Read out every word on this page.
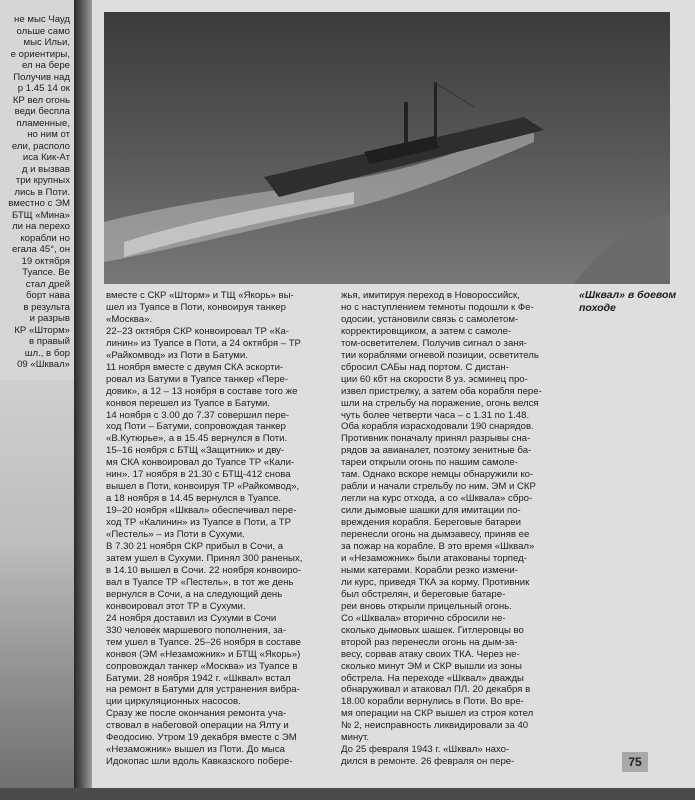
не мыс Чауд
ольше само
мыс Ильи,
е ориентиры,
ел на бере
Получив над
р 1.45 14 ок
КР вел огонь
веди бесплa
пламенные,
но ним от
ели, располо
иса Кик-Ат
д и вызвав
три крупных
лись в Поти.
вместно с ЭМ
БТЩ «Мина»
ли на перехо
корабли но
егала 45°, он
19 октября
Туапсе. Ве
стал дрей
борт нава
в результа
и разрыв
КР «Шторм»
в правый
шл., в бор
09 «Шквал»
«Шквал» в боевом походе
вместе с СКР «Шторм» и ТЩ «Якорь» вы-
шел из Туапсе в Поти, конвоируя танкер
«Москва».
22–23 октября СКР конвоировал ТР «Ка-
линин» из Туапсе в Поти, а 24 октября – ТР
«Райкомвод» из Поти в Батуми.
11 ноября вместе с двумя СКА эскорти-
ровал из Батуми в Туапсе танкер «Пере-
довик», а 12 – 13 ноября в составе того же
конвоя перешел из Туапсе в Батуми.
14 ноября с 3.00 до 7.37 совершил пере-
ход Поти – Батуми, сопровождая танкер
«В.Кутюрье», а в 15.45 вернулся в Поти.
15–16 ноября с БТЩ «Защитник» и дву-
мя СКА конвоировал до Туапсе ТР «Кали-
нин». 17 ноября в 21.30 с БТЩ-412 снова
вышел в Поти, конвоируя ТР «Райкомвод»,
а 18 ноября в 14.45 вернулся в Туапсе.
19–20 ноября «Шквал» обеспечивал пере-
ход ТР «Калинин» из Туапсе в Поти, а ТР
«Пестель» – из Поти в Сухуми.
В 7.30 21 ноября СКР прибыл в Сочи, а
затем ушел в Сухуми. Принял 300 раненых,
в 14.10 вышел в Сочи. 22 ноября конвоиро-
вал в Туапсе ТР «Пестель», в тот же день
вернулся в Сочи, а на следующий день
конвоировал этот ТР в Сухуми.
24 ноября доставил из Сухуми в Сочи
330 человек маршевого пополнения, за-
тем ушел в Туапсе. 25–26 ноября в составе
конвоя (ЭМ «Незаможник» и БТЩ «Якорь»)
сопровождал танкер «Москва» из Туапсе в
Батуми. 28 ноября 1942 г. «Шквал» встал
на ремонт в Батуми для устранения вибра-
ции циркуляционных насосов.
Сразу же после окончания ремонта уча-
ствовал в набеговой операции на Ялту и
Феодосию. Утром 19 декабря вместе с ЭМ
«Незаможник» вышел из Поти. До мыса
Идокопас шли вдоль Кавказского побере-
жья, имитируя переход в Новороссийск,
но с наступлением темноты подошли к Фе-
одосии, установили связь с самолетом-
корректировщиком, а затем с самоле-
том-осветителем. Получив сигнал о заня-
тии кораблями огневой позиции, осветитель
сбросил САБы над портом. С дистан-
ции 60 кбт на скорости 8 уз. эсминец про-
извел пристрелку, а затем оба корабля пере-
шли на стрельбу на поражение, огонь велся
чуть более четверти часа – с 1.31 по 1.48.
Оба корабля израсходовали 190 снарядов.
Противник поначалу принял разрывы сна-
рядов за авианалет, поэтому зенитные ба-
тареи открыли огонь по нашим самоле-
там. Однако вскоре немцы обнаружили ко-
рабли и начали стрельбу по ним. ЭМ и СКР
легли на курс отхода, а со «Шквала» сбро-
сили дымовые шашки для имитации по-
вреждения корабля. Береговые батареи
перенесли огонь на дымзавесу, приняв ее
за пожар на корабле. В это время «Шквал»
и «Незаможник» были атакованы торпед-
ными катерами. Корабли резко измени-
ли курс, приведя ТКА за корму. Противник
был обстрелян, и береговые батаре-
реи вновь открыли прицельный огонь.
Со «Шквала» вторично сбросили не-
сколько дымовых шашек. Гитлеровцы во
второй раз перенесли огонь на дым-за-
весу, сорвав атаку своих ТКА. Через не-
сколько минут ЭМ и СКР вышли из зоны
обстрела. На переходе «Шквал» дважды
обнаруживал и атаковал ПЛ. 20 декабря в
18.00 корабли вернулись в Поти. Во вре-
мя операции на СКР вышел из строя котел
№ 2, неисправность ликвидировали за 40
минут.
До 25 февраля 1943 г. «Шквал» нахо-
дился в ремонте. 26 февраля он пере-	75
